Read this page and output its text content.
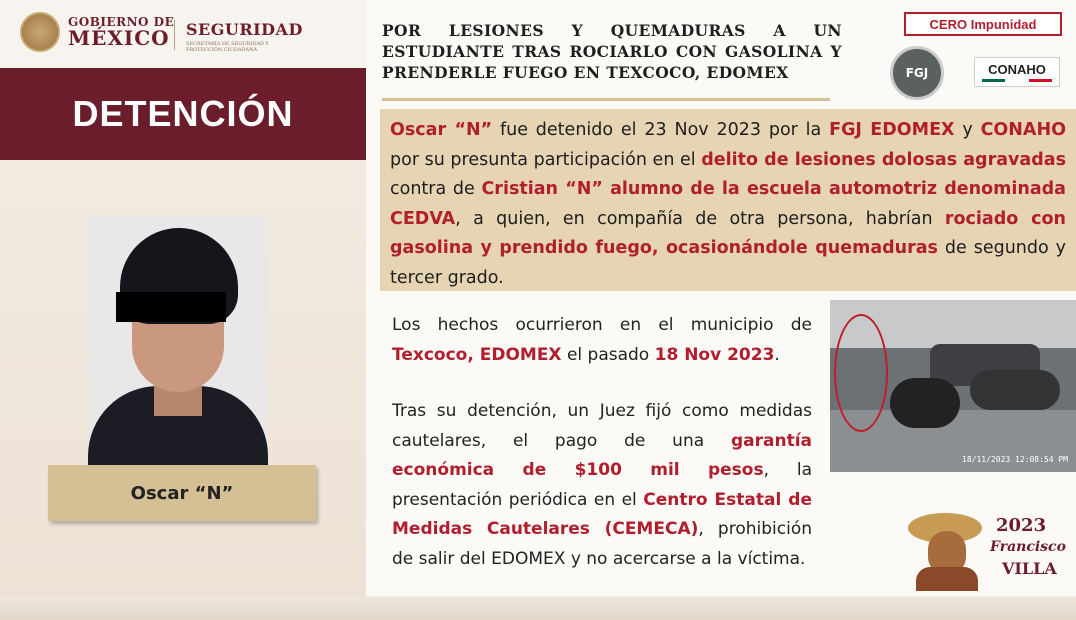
GOBIERNO DE
MÉXICO SEGURIDAD
SECRETARÍA DE SEGURIDAD Y PROTECCIÓN CIUDADANA
DETENCIÓN
Oscar “N”
POR LESIONES Y QUEMADURAS A UN ESTUDIANTE TRAS ROCIARLO CON GASOLINA Y PRENDERLE FUEGO EN TEXCOCO, EDOMEX
CERO Impunidad
FGJ	CONAHO
Oscar “N” fue detenido el 23 Nov 2023 por la FGJ EDOMEX y CONAHO por su presunta participación en el delito de lesiones dolosas agravadas contra de Cristian “N” alumno de la escuela automotriz denominada CEDVA, a quien, en compañía de otra persona, habrían rociado con gasolina y prendido fuego, ocasionándole quemaduras de segundo y tercer grado.
Los hechos ocurrieron en el municipio de Texcoco, EDOMEX el pasado 18 Nov 2023.
Tras su detención, un Juez fijó como medidas cautelares, el pago de una garantía económica de $100 mil pesos, la presentación periódica en el Centro Estatal de Medidas Cautelares (CEMECA), prohibición de salir del EDOMEX y no acercarse a la víctima.
18/11/2023 12:08:54 PM
2023
Francisco
VILLA
